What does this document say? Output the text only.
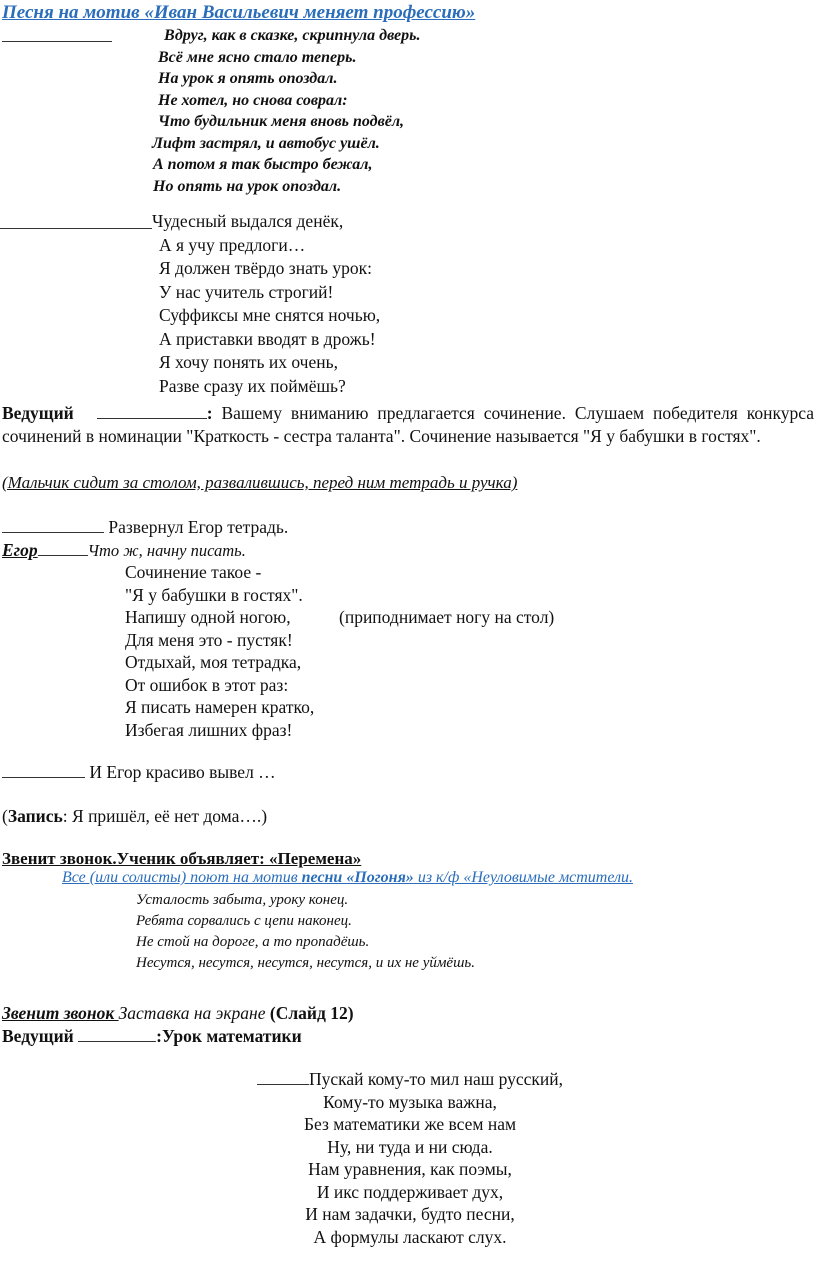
Песня на мотив «Иван Васильевич меняет профессию»
Вдруг, как в сказке, скрипнула дверь.
Всё мне ясно стало теперь.
На урок я опять опоздал.
Не хотел, но снова соврал:
Что будильник меня вновь подвёл,
Лифт застрял, и автобус ушёл.
А потом я так быстро бежал,
Но опять на урок опоздал.
Чудесный выдался денёк,
А я учу предлоги…
Я должен твёрдо знать урок:
У нас учитель строгий!
Суффиксы мне снятся ночью,
А приставки вводят в дрожь!
Я хочу понять их очень,
Разве сразу их поймёшь?
Ведущий	: Вашему вниманию предлагается сочинение. Слушаем победителя конкурса сочинений в номинации "Краткость - сестра таланта". Сочинение называется "Я у бабушки в гостях".
(Мальчик сидит за столом, развалившись, перед ним тетрадь и ручка)
Развернул Егор тетрадь.
Егор	Что ж, начну писать.
Сочинение такое -
"Я у бабушки в гостях".
Напишу одной ногою,	(приподнимает ногу на стол)
Для меня это - пустяк!
Отдыхай, моя тетрадка,
От ошибок в этот раз:
Я писать намерен кратко,
Избегая лишних фраз!
И Егор красиво вывел …
(Запись: Я пришёл, её нет дома….)
Звенит звонок.Ученик объявляет: «Перемена»
Все (или солисты) поют на мотив песни «Погоня» из к/ф «Неуловимые мстители.
Усталость забыта, уроку конец.
Ребята сорвались с цепи наконец.
Не стой на дороге, а то пропадёшь.
Несутся, несутся, несутся, несутся, и их не уймёшь.
Звенит звонок Заставка на экране (Слайд 12)
Ведущий	:Урок математики
Пускай кому-то мил наш русский,
Кому-то музыка важна,
Без математики же всем нам
Ну, ни туда и ни сюда.
Нам уравнения, как поэмы,
И икс поддерживает дух,
И нам задачки, будто песни,
А формулы ласкают слух.
